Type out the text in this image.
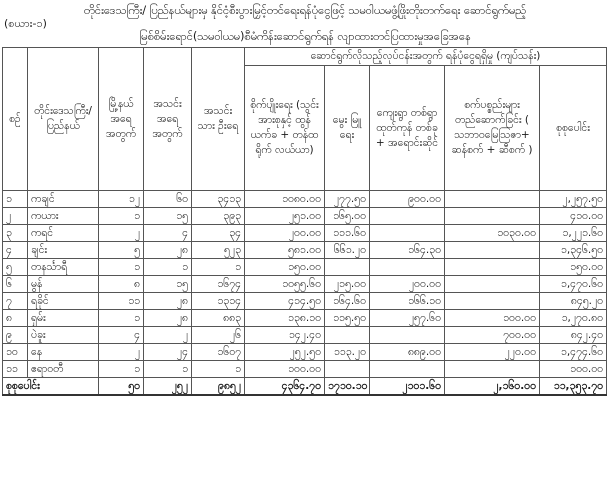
တိုင်းဒေသကြီး/ ပြည်နယ်များမှ နိုင်ငံ့စီးပွားမြှင့်တင်ရေးရန်ပုံငွေဖြင့် သမဝါယမဖွံ့ဖြိုးတိုးတက်ရေး ဆောင်ရွက်မည့်
(စယား-၁)
မြစ်စိမ်းရောင်(သမဝါယမ)စီမံကိန်းဆောင်ရွက်ရန် လျာထားတင်ပြထားမှုအခြေအနေ
စဉ်	တိုင်းဒေသကြီး/ ပြည်နယ်	မြို့နယ် အရေ အတွက်	အသင်း အရေ အတွက်	အသင်း သား ဦးရေ	ဆောင်ရွက်လိုသည့်လုပ်ငန်းအတွက် ရန်ပုံငွေရရှိမှု (ကျပ်သန်း)				
					စိုက်ပျိုးရေး (သွင်းအားစုနှင့် ထွန်ယက်ခ + တန်ထရိုက် လယ်ယာ)	မွေး မြူ ရေး	ကျေးရွာ တစ်ရွာ ထုတ်ကုန် တစ်ခု + အရောင်းဆိုင်	စက်ပစ္စည်းများ တည်ဆောက်ခြင်း ( သဘာဝမြေဩဇာ+ ဆန်စက် + ဆီစက် )	စုစုပေါင်း
၁	ကချင်	၁၂	၆၀	၃၄၁၃	၁၀၈၀.၀၀	၂၇၇.၅၀	၉၀၀.၀၀		၂,၂၅၇.၅၀
၂	ကယား	၁	၁၅	၃၉၃	၂၅၁.၀၀	၁၆၅.၀၀			၄၁၀.၀၀
၃	ကရင်	၂	၄	၃၄	၂၀၀.၀၀	၁၁၁.၆၀		၁၀၃၀.၀၀	၁,၂၂၁.၆၀
၄	ချင်း	၅	၂၈	၅၂၃	၅၈၁.၀၀	၆၆၁.၂၀	၁၆၄.၃၀		၁,၃၄၆.၅၀
၅	တနင်္သာရီ	၁	၁	၁	၁၅၀.၀၀				၁၅၀.၀၀
၆	မွန်	၈	၁၅	၁၆၇၄	၁၀၅၅.၆၀	၂၁၅.၀၀	၂၀၀.၀၀		၁,၄၇၀.၆၀
၇	ရခိုင်	၁၁	၂၈	၁၃၁၄	၄၁၄.၅၀	၁၆၄.၆၀	၁၆၆.၁၀		၈၄၅.၂၀
၈	ရှမ်း	၁	၂၈	၈၈၃	၁၃၈.၁၀	၁၁၅.၅၀	၂၅၇.၆၀	၁၀၀.၀၀	၁,၂၇၀.၈၀
၉	ပဲခူး	၄	၂	၂၆	၁၄၂.၄၀			၇၀၀.၀၀	၈၄၂.၄၀
၁၀	နေ	၂	၂၄	၁၆၀၇	၂၅၂.၅၀	၁၁၃.၂၀	၈၈၉.၀၀	၂၂၀.၀၀	၁,၄၇၄.၆၀
၁၁	ဧရာဝတီ	၁	၁	၁	၁၀၀.၀၀				၁၀၀.၀၀
စုစုပေါင်း		၅၀	၂၅၂	၉၈၅၂	၄၃၆၄.၇၀	၁၇၁၀.၁၀	၂၁၀၁.၆၀	၂,၁၆၀.၀၀	၁၁,၃၅၃.၇၀
